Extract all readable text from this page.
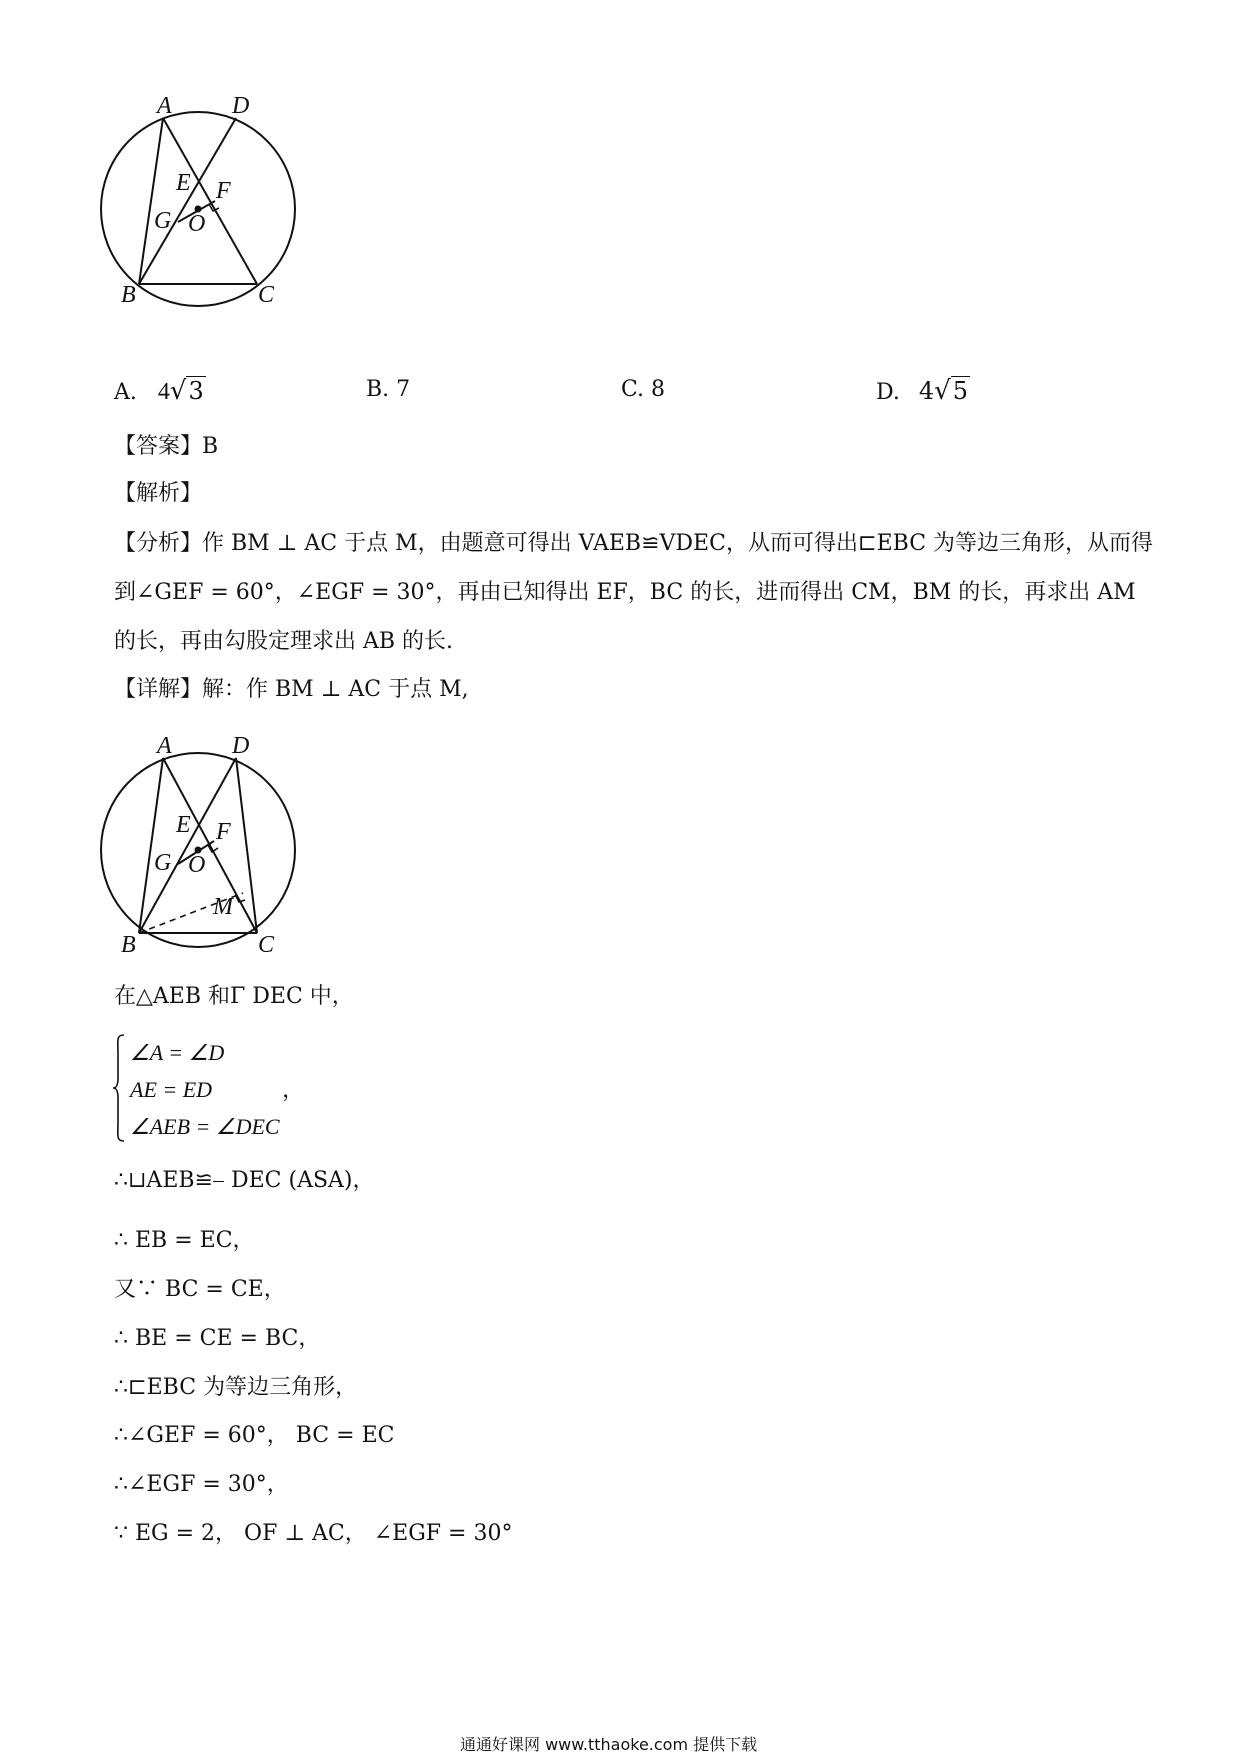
A	D
E F
G O
B	C
A. 4√3	B. 7	C. 8	D. 4√5
【答案】B
【解析】
【分析】作 BM ⊥ AC 于点 M，由题意可得出 VAEB≌VDEC，从而可得出⊏EBC 为等边三角形，从而得
到∠GEF = 60°，∠EGF = 30°，再由已知得出 EF，BC 的长，进而得出 CM，BM 的长，再求出 AM
的长，再由勾股定理求出 AB 的长.
【详解】解：作 BM ⊥ AC 于点 M,
A	D
E F
G O
M
B	C
在△AEB 和Γ DEC 中，
∠A = ∠D
AE = ED	，
∠AEB = ∠DEC
∴⊔AEB≌⎯ DEC (ASA)，
∴ EB = EC，
又∵ BC = CE，
∴ BE = CE = BC，
∴⊏EBC 为等边三角形，
∴∠GEF = 60°， BC = EC
∴∠EGF = 30°，
∵ EG = 2， OF ⊥ AC， ∠EGF = 30°
通通好课网 www.tthaoke.com 提供下载
